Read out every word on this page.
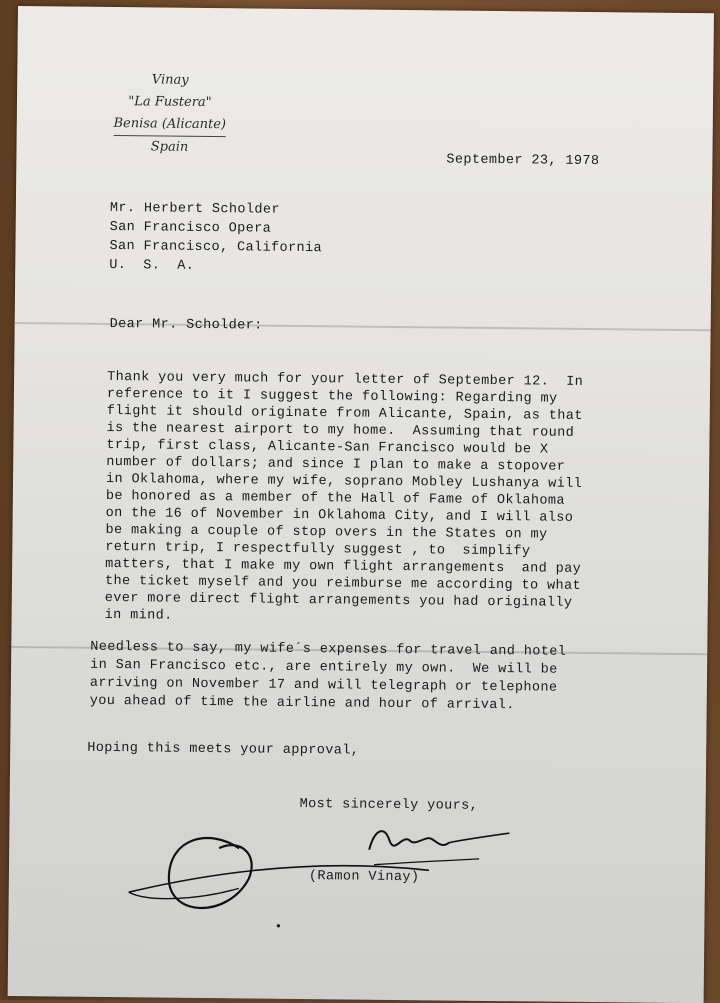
Vinay
"La Fustera"
Benisa (Alicante)
Spain
September 23, 1978
Mr. Herbert Scholder
San Francisco Opera
San Francisco, California
U.  S.  A.
Dear Mr. Scholder:
Thank you very much for your letter of September 12.  In
reference to it I suggest the following: Regarding my
flight it should originate from Alicante, Spain, as that
is the nearest airport to my home.  Assuming that round
trip, first class, Alicante-San Francisco would be X
number of dollars; and since I plan to make a stopover
in Oklahoma, where my wife, soprano Mobley Lushanya will
be honored as a member of the Hall of Fame of Oklahoma
on the 16 of November in Oklahoma City, and I will also
be making a couple of stop overs in the States on my
return trip, I respectfully suggest , to  simplify
matters, that I make my own flight arrangements  and pay
the ticket myself and you reimburse me according to what
ever more direct flight arrangements you had originally
in mind.
Needless to say, my wife´s expenses for travel and hotel
in San Francisco etc., are entirely my own.  We will be
arriving on November 17 and will telegraph or telephone
you ahead of time the airline and hour of arrival.
Hoping this meets your approval,
Most sincerely yours,
(Ramon Vinay)
